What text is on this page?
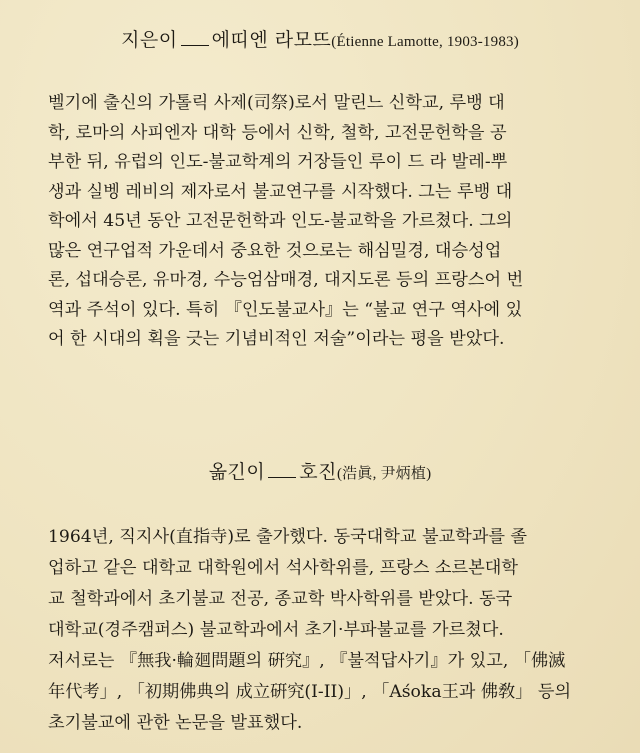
지은이 에띠엔 라모뜨(Étienne Lamotte, 1903-1983)
벨기에 출신의 가톨릭 사제(司祭)로서 말린느 신학교, 루뱅 대
학, 로마의 사피엔자 대학 등에서 신학, 철학, 고전문헌학을 공
부한 뒤, 유럽의 인도-불교학계의 거장들인 루이 드 라 발레-뿌
생과 실벵 레비의 제자로서 불교연구를 시작했다. 그는 루뱅 대
학에서 45년 동안 고전문헌학과 인도-불교학을 가르쳤다. 그의
많은 연구업적 가운데서 중요한 것으로는 해심밀경, 대승성업
론, 섭대승론, 유마경, 수능엄삼매경, 대지도론 등의 프랑스어 번
역과 주석이 있다. 특히 『인도불교사』는 “불교 연구 역사에 있
어 한 시대의 획을 긋는 기념비적인 저술”이라는 평을 받았다.
옮긴이 호진(浩眞, 尹炳植)
1964년, 직지사(直指寺)로 출가했다. 동국대학교 불교학과를 졸
업하고 같은 대학교 대학원에서 석사학위를, 프랑스 소르본대학
교 철학과에서 초기불교 전공, 종교학 박사학위를 받았다. 동국
대학교(경주캠퍼스) 불교학과에서 초기·부파불교를 가르쳤다.
저서로는 『無我·輪廻問題의 硏究』, 『불적답사기』가 있고, 「佛滅
年代考」, 「初期佛典의 成立硏究(I-II)」, 「Aśoka王과 佛敎」 등의
초기불교에 관한 논문을 발표했다.
